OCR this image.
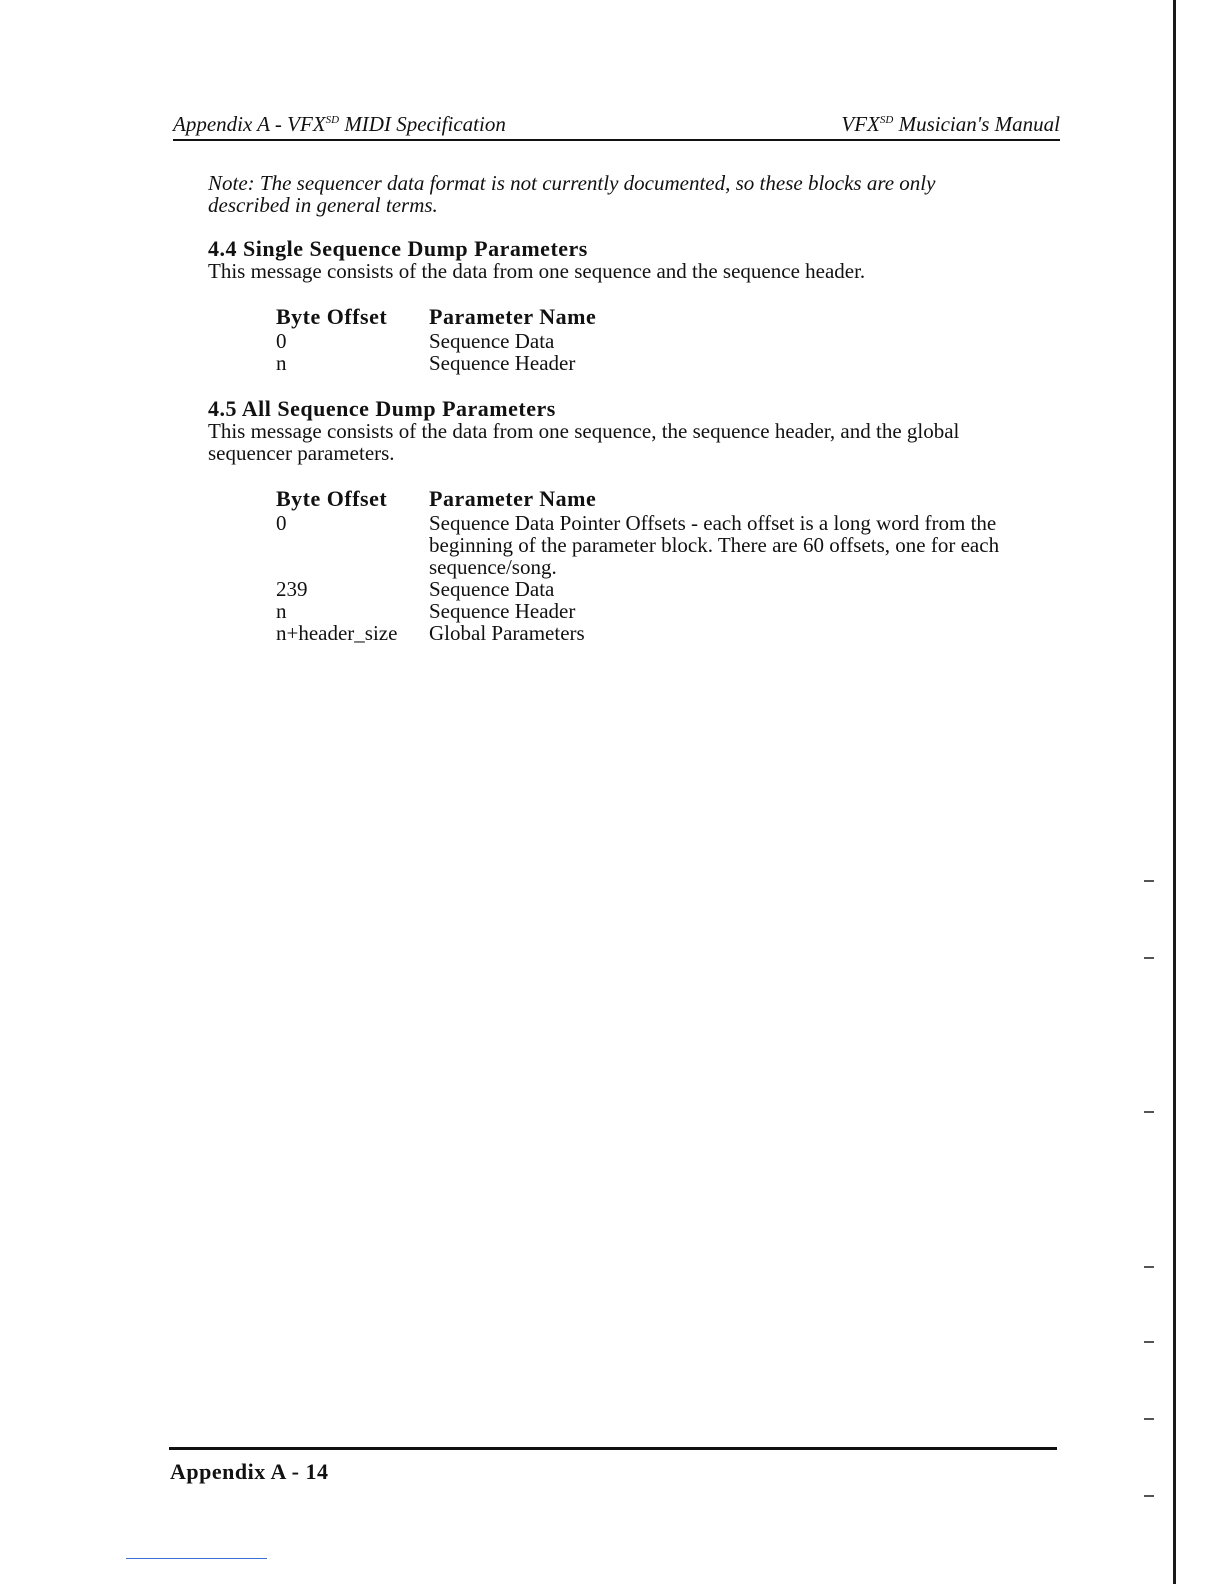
Appendix A - $VFX^{SD}$ MIDI Specification	$VFX^{SD}$ Musician's Manual

Note: The sequencer data format is not currently documented, so these blocks are only described in general terms.

4.4 Single Sequence Dump Parameters

This message consists of the data from one sequence and the sequence header.

Byte Offset	Parameter Name
0	Sequence Data
n	Sequence Header

4.5 All Sequence Dump Parameters

This message consists of the data from one sequence, the sequence header, and the global sequencer parameters.

Byte Offset	Parameter Name
0	Sequence Data Pointer Offsets - each offset is a long word from the beginning of the parameter block. There are 60 offsets, one for each sequence/song.
239	Sequence Data
n	Sequence Header
n+header_size	Global Parameters
Appendix A - 14
